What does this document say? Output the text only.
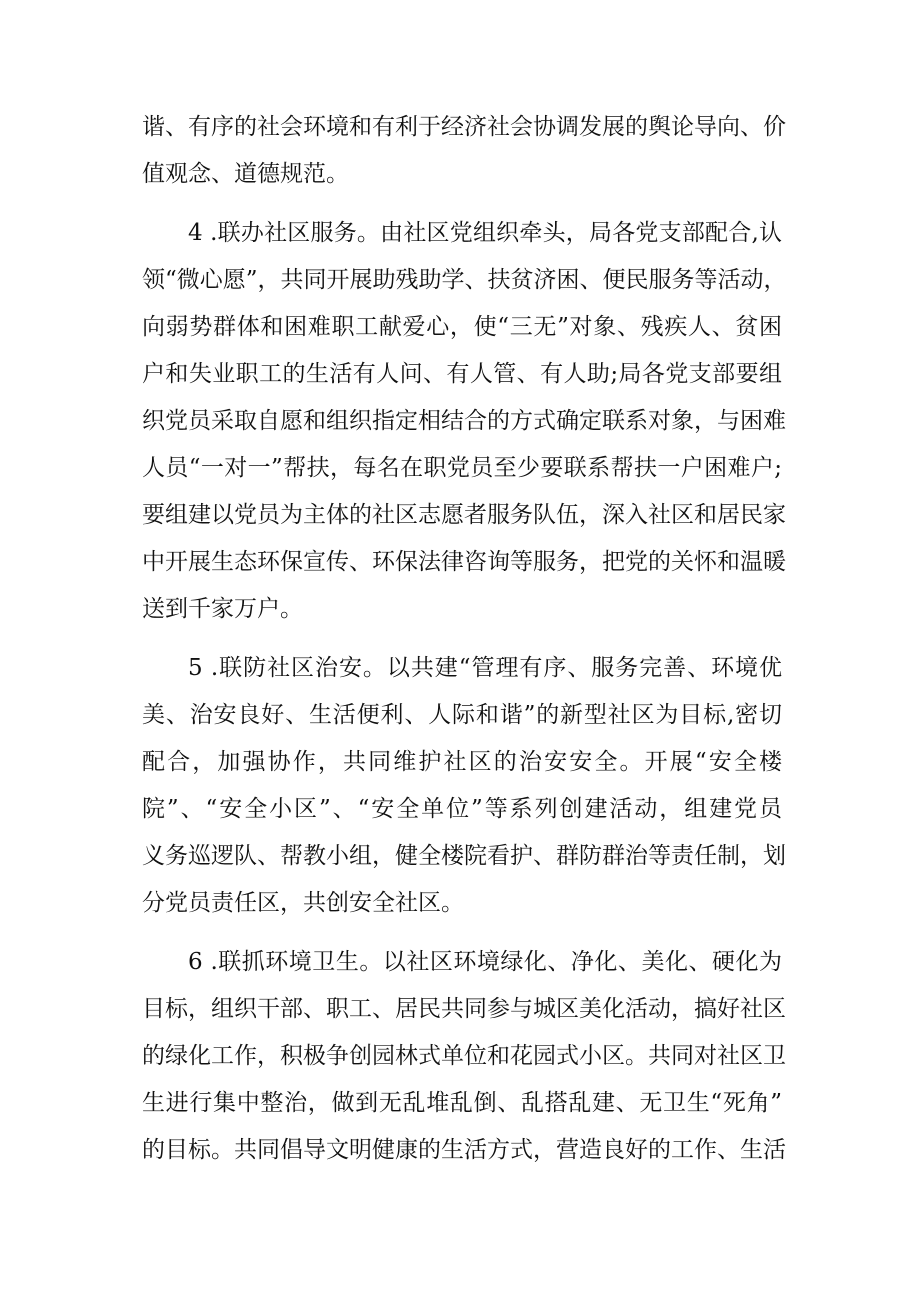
谐、有序的社会环境和有利于经济社会协调发展的舆论导向、价
值观念、道德规范。
4 .联办社区服务。由社区党组织牵头，局各党支部配合,认
领“微心愿”，共同开展助残助学、扶贫济困、便民服务等活动，
向弱势群体和困难职工献爱心，使“三无”对象、残疾人、贫困
户和失业职工的生活有人问、有人管、有人助;局各党支部要组
织党员采取自愿和组织指定相结合的方式确定联系对象，与困难
人员“一对一”帮扶，每名在职党员至少要联系帮扶一户困难户;
要组建以党员为主体的社区志愿者服务队伍，深入社区和居民家
中开展生态环保宣传、环保法律咨询等服务，把党的关怀和温暖
送到千家万户。
5 .联防社区治安。以共建“管理有序、服务完善、环境优
美、治安良好、生活便利、人际和谐”的新型社区为目标,密切
配合，加强协作，共同维护社区的治安安全。开展“安全楼
院”、“安全小区”、“安全单位”等系列创建活动，组建党员
义务巡逻队、帮教小组，健全楼院看护、群防群治等责任制，划
分党员责任区，共创安全社区。
6 .联抓环境卫生。以社区环境绿化、净化、美化、硬化为
目标，组织干部、职工、居民共同参与城区美化活动，搞好社区
的绿化工作，积极争创园林式单位和花园式小区。共同对社区卫
生进行集中整治，做到无乱堆乱倒、乱搭乱建、无卫生“死角”
的目标。共同倡导文明健康的生活方式，营造良好的工作、生活
